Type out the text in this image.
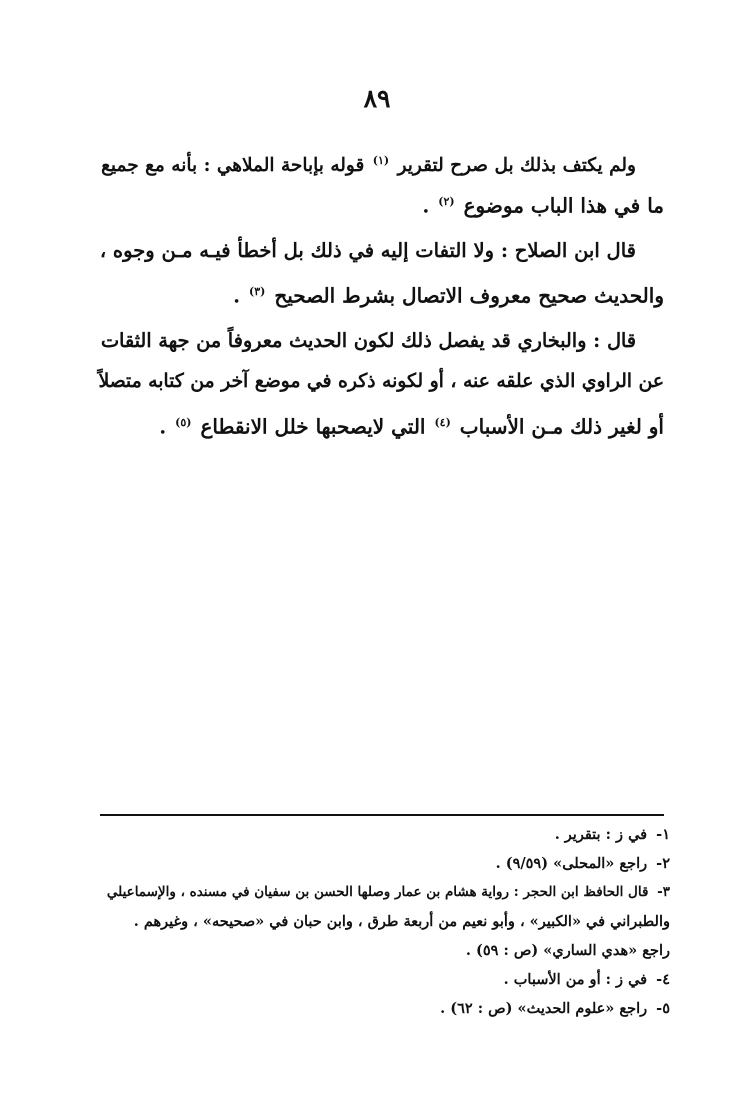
٨٩
ولم يكتف بذلك بل صرح لتقرير $^{(١)}$ قوله بإباحة الملاهي : بأنه مع جميع
ما في هذا الباب موضوع $^{(٢)}$ .
قال ابن الصلاح : ولا التفات إليه في ذلك بل أخطأ فيـه مـن وجوه ،
والحديث صحيح معروف الاتصال بشرط الصحيح $^{(٣)}$ .
قال : والبخاري قد يفصل ذلك لكون الحديث معروفاً من جهة الثقات
عن الراوي الذي علقه عنه ، أو لكونه ذكره في موضع آخر من كتابه متصلاً
أو لغير ذلك مـن الأسباب $^{(٤)}$ التي لايصحبها خلل الانقطاع $^{(٥)}$ .
١- في ز : بتقرير .
٢- راجع «المحلى» (٩/٥٩) .
٣- قال الحافظ ابن الحجر : رواية هشام بن عمار وصلها الحسن بن سفيان في مسنده ، والإسماعيلي
والطبراني في «الكبير» ، وأبو نعيم من أربعة طرق ، وابن حبان في «صحيحه» ، وغيرهم .
راجع «هدي الساري» (ص : ٥٩) .
٤- في ز : أو من الأسباب .
٥- راجع «علوم الحديث» (ص : ٦٢) .
